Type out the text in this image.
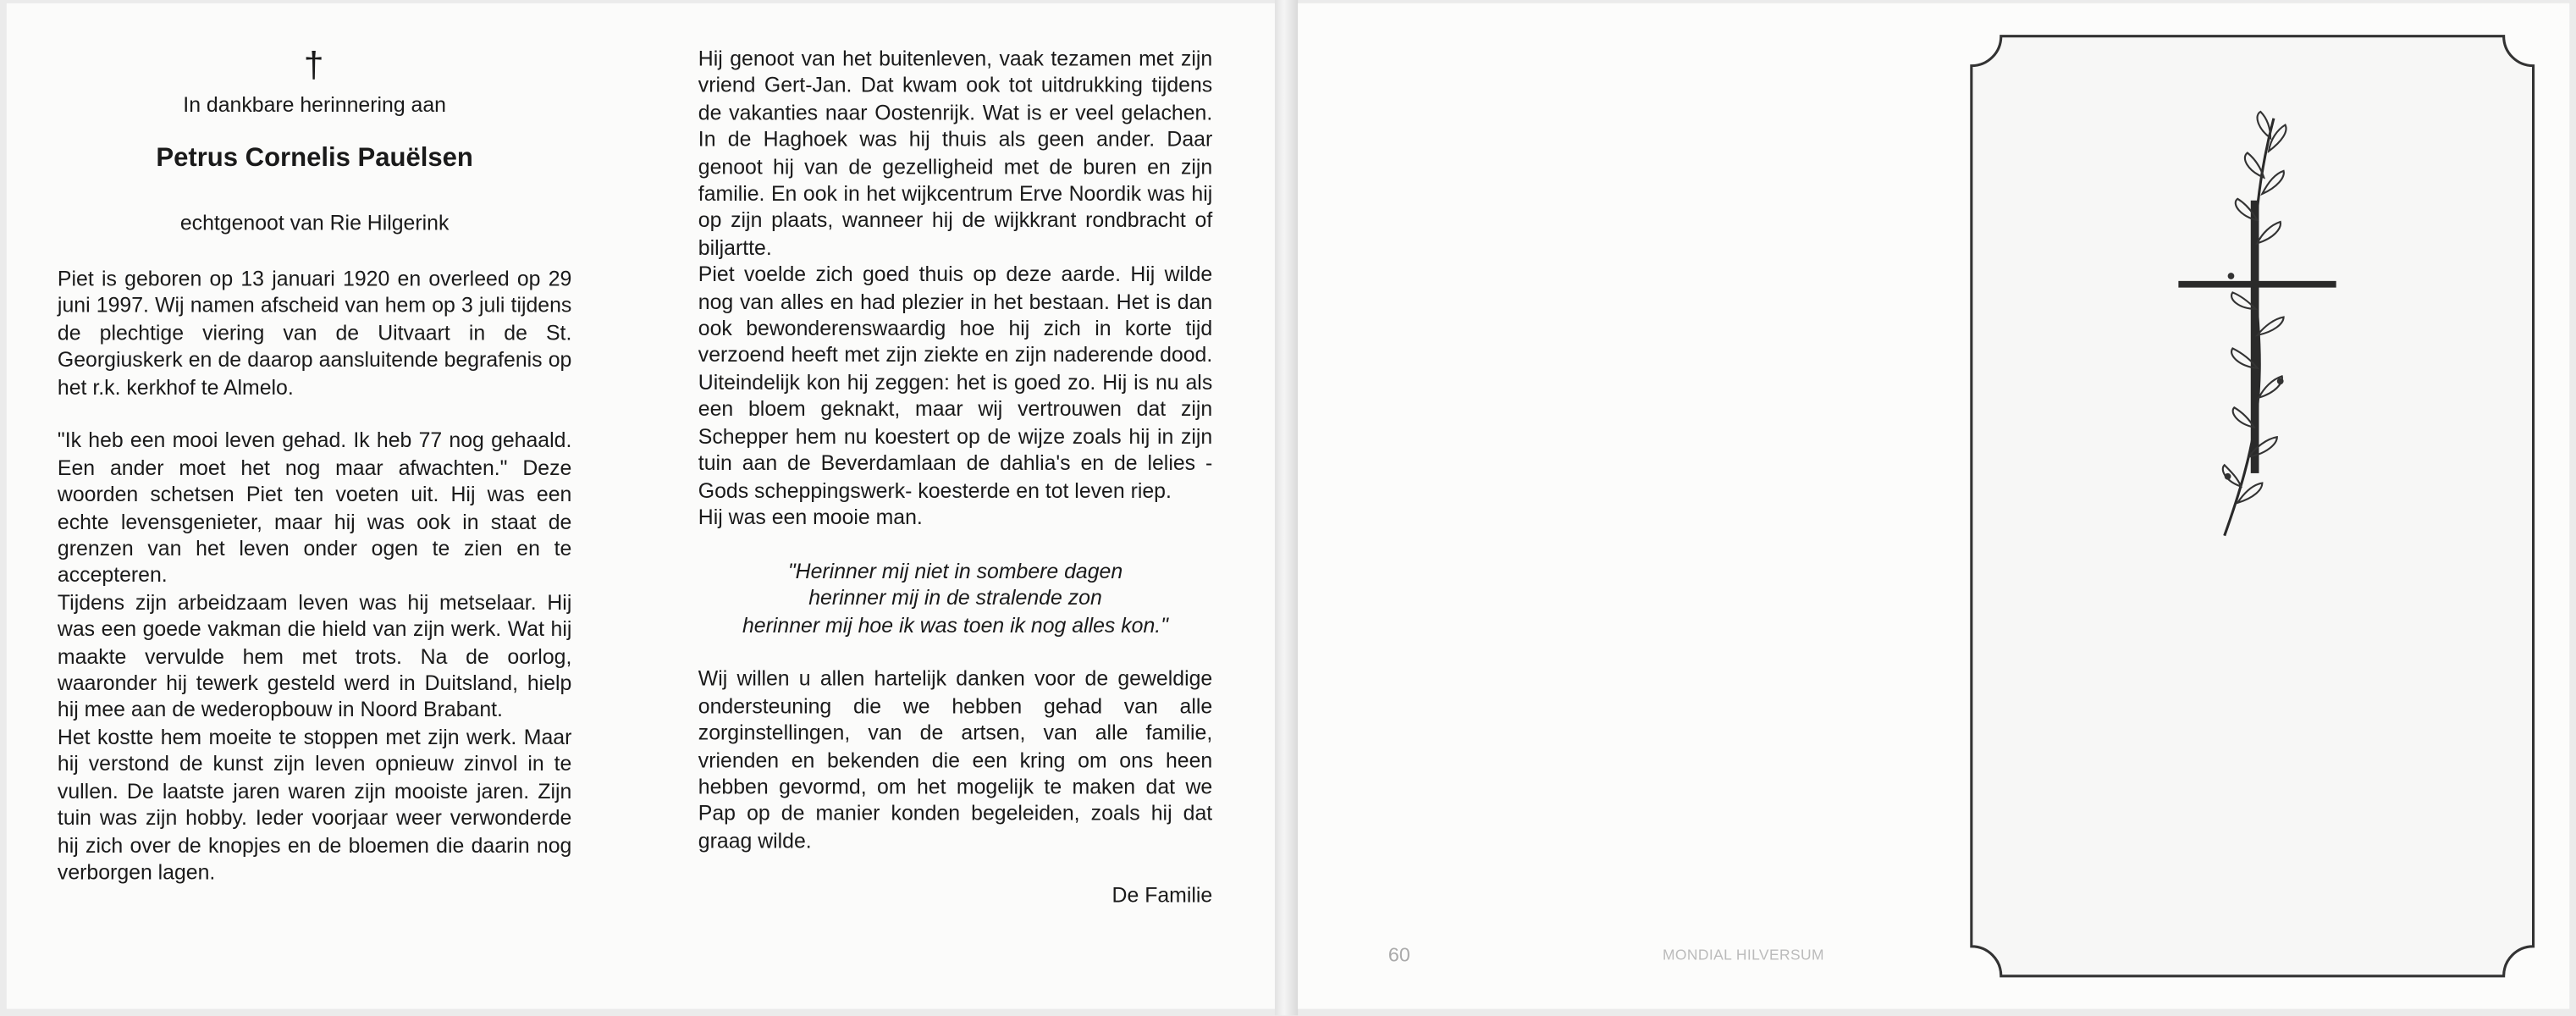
†
In dankbare herinnering aan
Petrus Cornelis Pauëlsen
echtgenoot van Rie Hilgerink

Piet is geboren op 13 januari 1920 en overleed op 29 juni 1997. Wij namen afscheid van hem op 3 juli tijdens de plechtige viering van de Uitvaart in de St. Georgiuskerk en de daarop aansluitende begrafenis op het r.k. kerkhof te Almelo.

"Ik heb een mooi leven gehad. Ik heb 77 nog gehaald. Een ander moet het nog maar afwachten." Deze woorden schetsen Piet ten voeten uit. Hij was een echte levensgenieter, maar hij was ook in staat de grenzen van het leven onder ogen te zien en te accepteren.

Tijdens zijn arbeidzaam leven was hij metselaar. Hij was een goede vakman die hield van zijn werk. Wat hij maakte vervulde hem met trots. Na de oorlog, waaronder hij tewerk gesteld werd in Duitsland, hielp hij mee aan de wederopbouw in Noord Brabant.

Het kostte hem moeite te stoppen met zijn werk. Maar hij verstond de kunst zijn leven opnieuw zinvol in te vullen. De laatste jaren waren zijn mooiste jaren. Zijn tuin was zijn hobby. Ieder voorjaar weer verwonderde hij zich over de knopjes en de bloemen die daarin nog verborgen lagen.

Hij genoot van het buitenleven, vaak tezamen met zijn vriend Gert-Jan. Dat kwam ook tot uitdrukking tijdens de vakanties naar Oostenrijk. Wat is er veel gelachen. In de Haghoek was hij thuis als geen ander. Daar genoot hij van de gezelligheid met de buren en zijn familie. En ook in het wijkcentrum Erve Noordik was hij op zijn plaats, wanneer hij de wijkkrant rondbracht of biljartte.

Piet voelde zich goed thuis op deze aarde. Hij wilde nog van alles en had plezier in het bestaan. Het is dan ook bewonderenswaardig hoe hij zich in korte tijd verzoend heeft met zijn ziekte en zijn naderende dood. Uiteindelijk kon hij zeggen: het is goed zo. Hij is nu als een bloem geknakt, maar wij vertrouwen dat zijn Schepper hem nu koestert op de wijze zoals hij in zijn tuin aan de Beverdamlaan de dahlia's en de lelies -Gods scheppingswerk- koesterde en tot leven riep.

Hij was een mooie man.

"Herinner mij niet in sombere dagen

herinner mij in de stralende zon

herinner mij hoe ik was toen ik nog alles kon."

Wij willen u allen hartelijk danken voor de geweldige ondersteuning die we hebben gehad van alle zorginstellingen, van de artsen, van alle familie, vrienden en bekenden die een kring om ons heen hebben gevormd, om het mogelijk te maken dat we Pap op de manier konden begeleiden, zoals hij dat graag wilde.

De Familie

60	MONDIAL HILVERSUM
